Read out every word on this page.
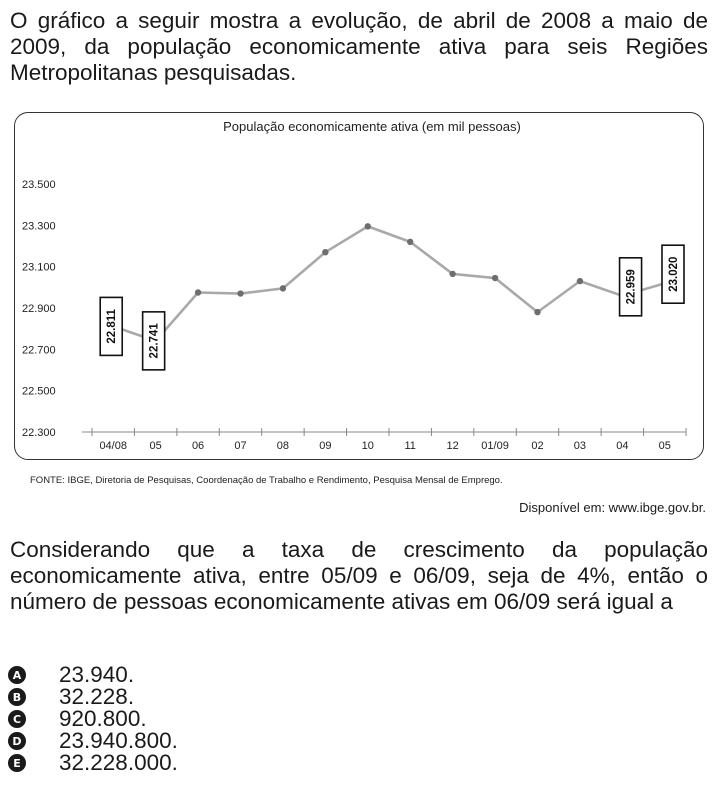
O gráfico a seguir mostra a evolução, de abril de 2008 a maio de 2009, da população economicamente ativa para seis Regiões Metropolitanas pesquisadas.

População economicamente ativa (em mil pessoas)
23.500
23.300
23.100
22.900
22.700
22.500
22.300
04/08 05	06	07	08	09	10	11	12 01/09 02	03	04	05
22.811	22.741
22.959	23.020

FONTE: IBGE, Diretoria de Pesquisas, Coordenação de Trabalho e Rendimento, Pesquisa Mensal de Emprego.

Disponível em: www.ibge.gov.br.

Considerando que a taxa de crescimento da população economicamente ativa, entre 05/09 e 06/09, seja de 4%, então o número de pessoas economicamente ativas em 06/09 será igual a

A 23.940.
B 32.228.
C 920.800.
D 23.940.800.
E 32.228.000.
